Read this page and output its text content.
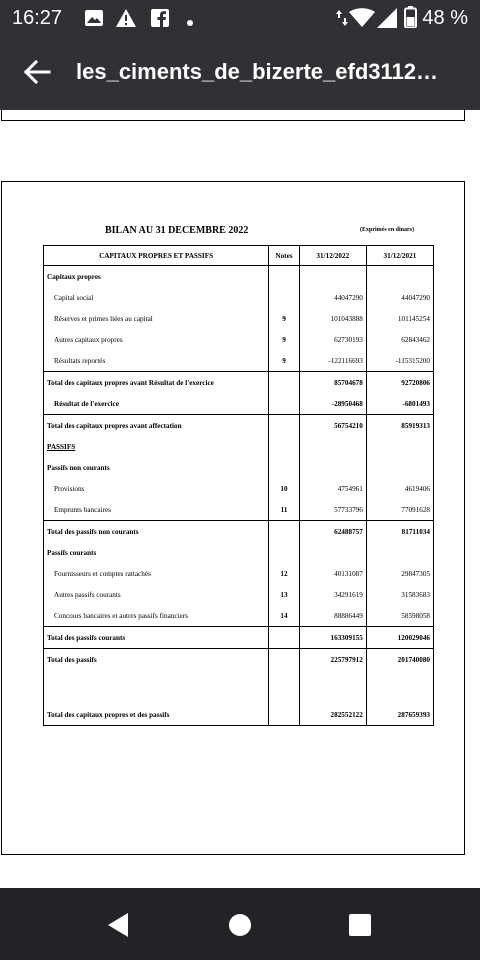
16:27	48 %
les_ciments_de_bizerte_efd3112…
BILAN AU 31 DECEMBRE 2022	(Exprimés en dinars)
CAPITAUX PROPRES ET PASSIFS	Notes	31/12/2022	31/12/2021
Capitaux propres			
Capital social		44047290	44047290
Réserves et primes liées au capital	9	101043888	101145254
Autres capitaux propres	9	62730193	62843462
Résultats reportés	9	-122116693	-115315200
Total des capitaux propres avant Résultat de l'exercice		85704678	92720806
Résultat de l'exercice		-28950468	-6801493
Total des capitaux propres avant affectation		56754210	85919313
PASSIFS			
Passifs non courants			
Provisions	10	4754961	4619406
Emprunts bancaires	11	57733796	77091628
Total des passifs non courants		62488757	81711034
Passifs courants			
Fournisseurs et comptes rattachés	12	40131087	29847305
Autres passifs courants	13	34291619	31583683
Concours bancaires et autres passifs financiers	14	88886449	58598058
Total des passifs courants		163309155	120029046
Total des passifs		225797912	201740080

Total des capitaux propres et des passifs		282552122	287659393
